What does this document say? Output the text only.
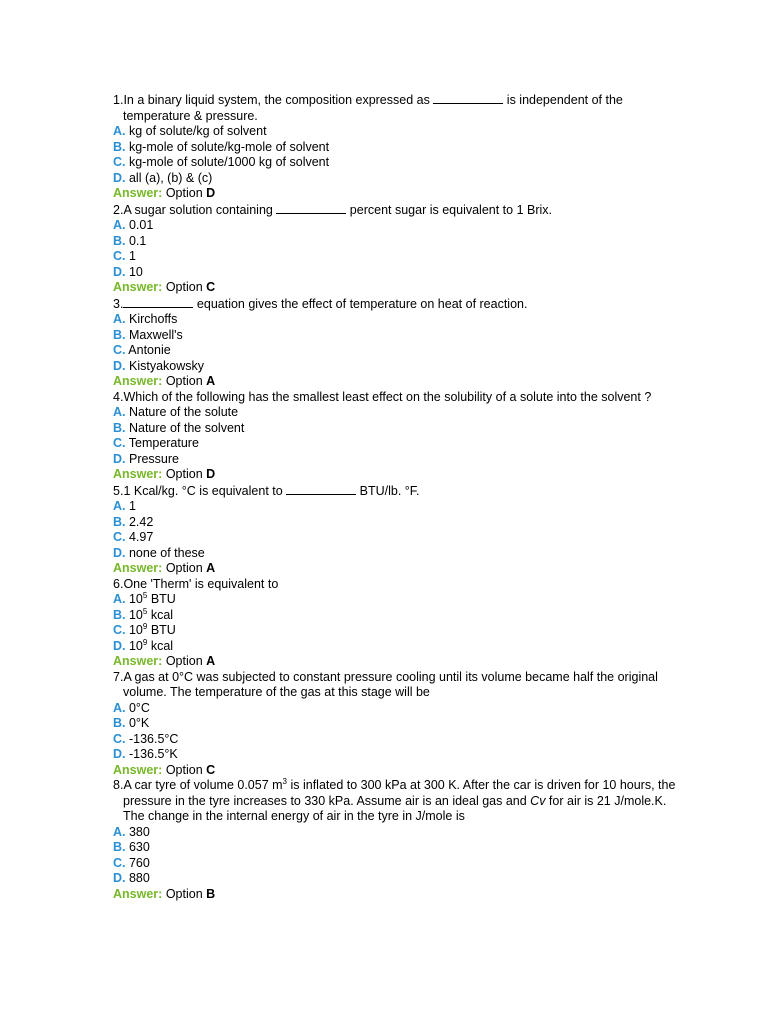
1.In a binary liquid system, the composition expressed as	is independent of the temperature & pressure.

A. kg of solute/kg of solvent

B. kg-mole of solute/kg-mole of solvent

C. kg-mole of solute/1000 kg of solvent

D. all (a), (b) & (c)

Answer: Option D

2.A sugar solution containing	percent sugar is equivalent to 1 Brix.

A. 0.01

B. 0.1

C. 1

D. 10

Answer: Option C

3.	equation gives the effect of temperature on heat of reaction.

A. Kirchoffs

B. Maxwell's

C. Antonie

D. Kistyakowsky

Answer: Option A

4.Which of the following has the smallest least effect on the solubility of a solute into the solvent ?

A. Nature of the solute

B. Nature of the solvent

C. Temperature

D. Pressure

Answer: Option D

5.1 Kcal/kg. °C is equivalent to	BTU/lb. °F.

A. 1

B. 2.42

C. 4.97

D. none of these

Answer: Option A

6.One 'Therm' is equivalent to

A. $10^5$ BTU

B. $10^5$ kcal

C. $10^9$ BTU

D. $10^9$ kcal

Answer: Option A

7.A gas at 0°C was subjected to constant pressure cooling until its volume became half the original volume. The temperature of the gas at this stage will be

A. 0°C

B. 0°K

C. -136.5°C

D. -136.5°K

Answer: Option C

8.A car tyre of volume 0.057 $m^3$ is inflated to 300 kPa at 300 K. After the car is driven for 10 hours, the pressure in the tyre increases to 330 kPa. Assume air is an ideal gas and Cv for air is 21 J/mole.K. The change in the internal energy of air in the tyre in J/mole is

A. 380

B. 630

C. 760

D. 880

Answer: Option B
